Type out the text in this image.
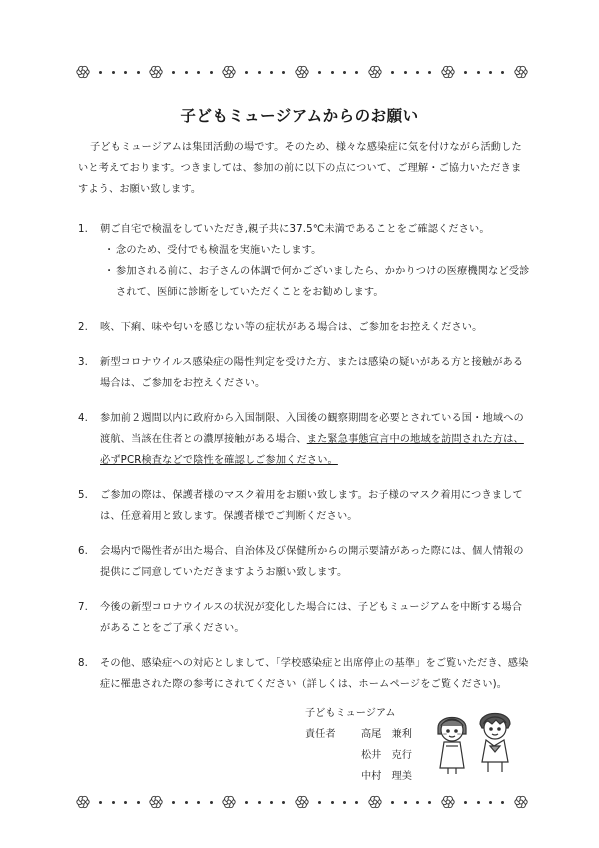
子どもミュージアムからのお願い

子どもミュージアムは集団活動の場です。そのため、様々な感染症に気を付けながら活動したいと考えております。つきましては、参加の前に以下の点について、ご理解・ご協力いただきますよう、お願い致します。

1. 朝ご自宅で検温をしていただき,親子共に37.5℃未満であることをご確認ください。
・ 念のため、受付でも検温を実施いたします。
・ 参加される前に、お子さんの体調で何かございましたら、かかりつけの医療機関など受診されて、医師に診断をしていただくことをお勧めします。
2. 咳、下痢、味や匂いを感じない等の症状がある場合は、ご参加をお控えください。
3. 新型コロナウイルス感染症の陽性判定を受けた方、または感染の疑いがある方と接触がある場合は、ご参加をお控えください。
4. 参加前２週間以内に政府から入国制限、入国後の観察期間を必要とされている国・地域への渡航、当該在住者との濃厚接触がある場合、また緊急事態宣言中の地域を訪問された方は、必ずPCR検査などで陰性を確認しご参加ください。
5. ご参加の際は、保護者様のマスク着用をお願い致します。お子様のマスク着用につきましては、任意着用と致します。保護者様でご判断ください。
6. 会場内で陽性者が出た場合、自治体及び保健所からの開示要請があった際には、個人情報の提供にご同意していただきますようお願い致します。
7. 今後の新型コロナウイルスの状況が変化した場合には、子どもミュージアムを中断する場合があることをご了承ください。
8. その他、感染症への対応としまして、「学校感染症と出席停止の基準」をご覧いただき、感染症に罹患された際の参考にされてください（詳しくは、ホームページをご覧ください)。
子どもミュージアム
責任者	高尾　兼利
松井　克行
中村　理美
